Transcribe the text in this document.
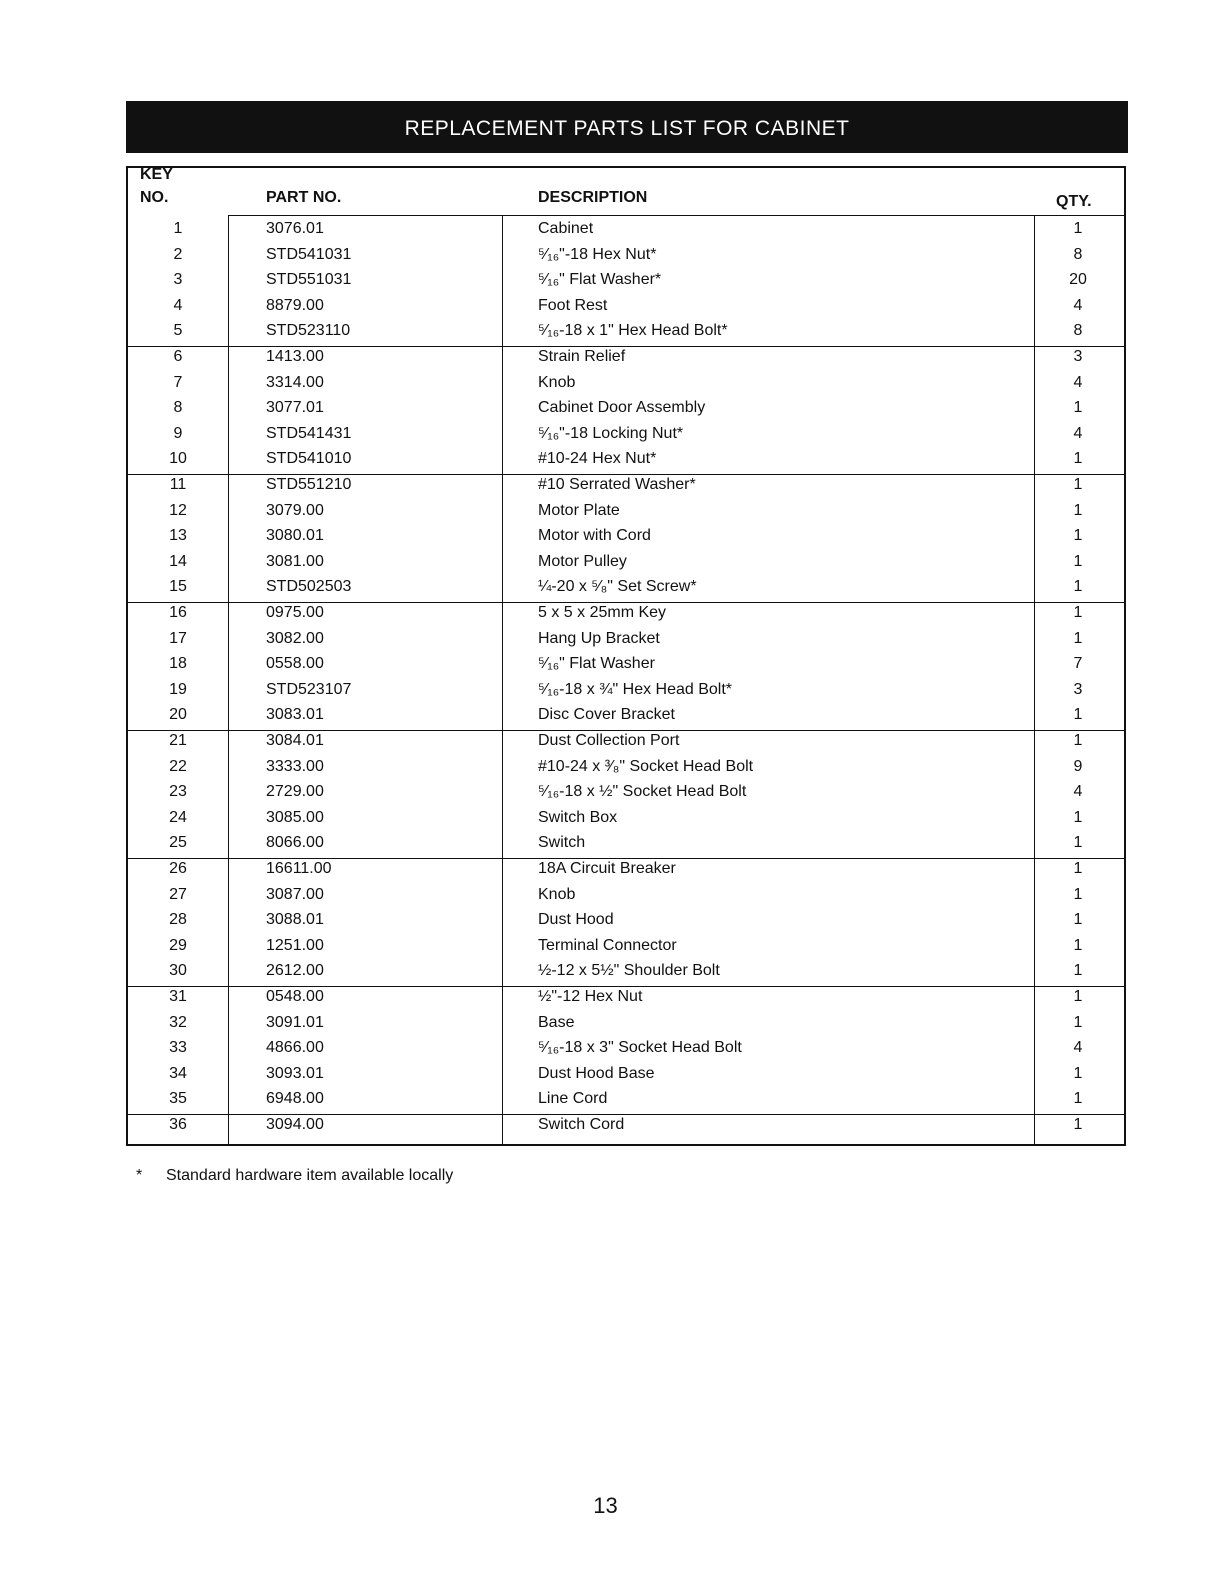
REPLACEMENT PARTS LIST FOR CABINET
KEY
NO.	PART NO.	DESCRIPTION	QTY.
1	3076.01	Cabinet	1
2	STD541031	⁵⁄₁₆"-18 Hex Nut*	8
3	STD551031	⁵⁄₁₆" Flat Washer*	20
4	8879.00	Foot Rest	4
5	STD523110	⁵⁄₁₆-18 x 1" Hex Head Bolt*	8
6	1413.00	Strain Relief	3
7	3314.00	Knob	4
8	3077.01	Cabinet Door Assembly	1
9	STD541431	⁵⁄₁₆"-18 Locking Nut*	4
10	STD541010	#10-24 Hex Nut*	1
11	STD551210	#10 Serrated Washer*	1
12	3079.00	Motor Plate	1
13	3080.01	Motor with Cord	1
14	3081.00	Motor Pulley	1
15	STD502503	¼-20 x ⁵⁄₈" Set Screw*	1
16	0975.00	5 x 5 x 25mm Key	1
17	3082.00	Hang Up Bracket	1
18	0558.00	⁵⁄₁₆" Flat Washer	7
19	STD523107	⁵⁄₁₆-18 x ¾" Hex Head Bolt*	3
20	3083.01	Disc Cover Bracket	1
21	3084.01	Dust Collection Port	1
22	3333.00	#10-24 x ³⁄₈" Socket Head Bolt	9
23	2729.00	⁵⁄₁₆-18 x ½" Socket Head Bolt	4
24	3085.00	Switch Box	1
25	8066.00	Switch	1
26	16611.00	18A Circuit Breaker	1
27	3087.00	Knob	1
28	3088.01	Dust Hood	1
29	1251.00	Terminal Connector	1
30	2612.00	½-12 x 5½" Shoulder Bolt	1
31	0548.00	½"-12 Hex Nut	1
32	3091.01	Base	1
33	4866.00	⁵⁄₁₆-18 x 3" Socket Head Bolt	4
34	3093.01	Dust Hood Base	1
35	6948.00	Line Cord	1
36	3094.00	Switch Cord	1
* Standard hardware item available locally
13
